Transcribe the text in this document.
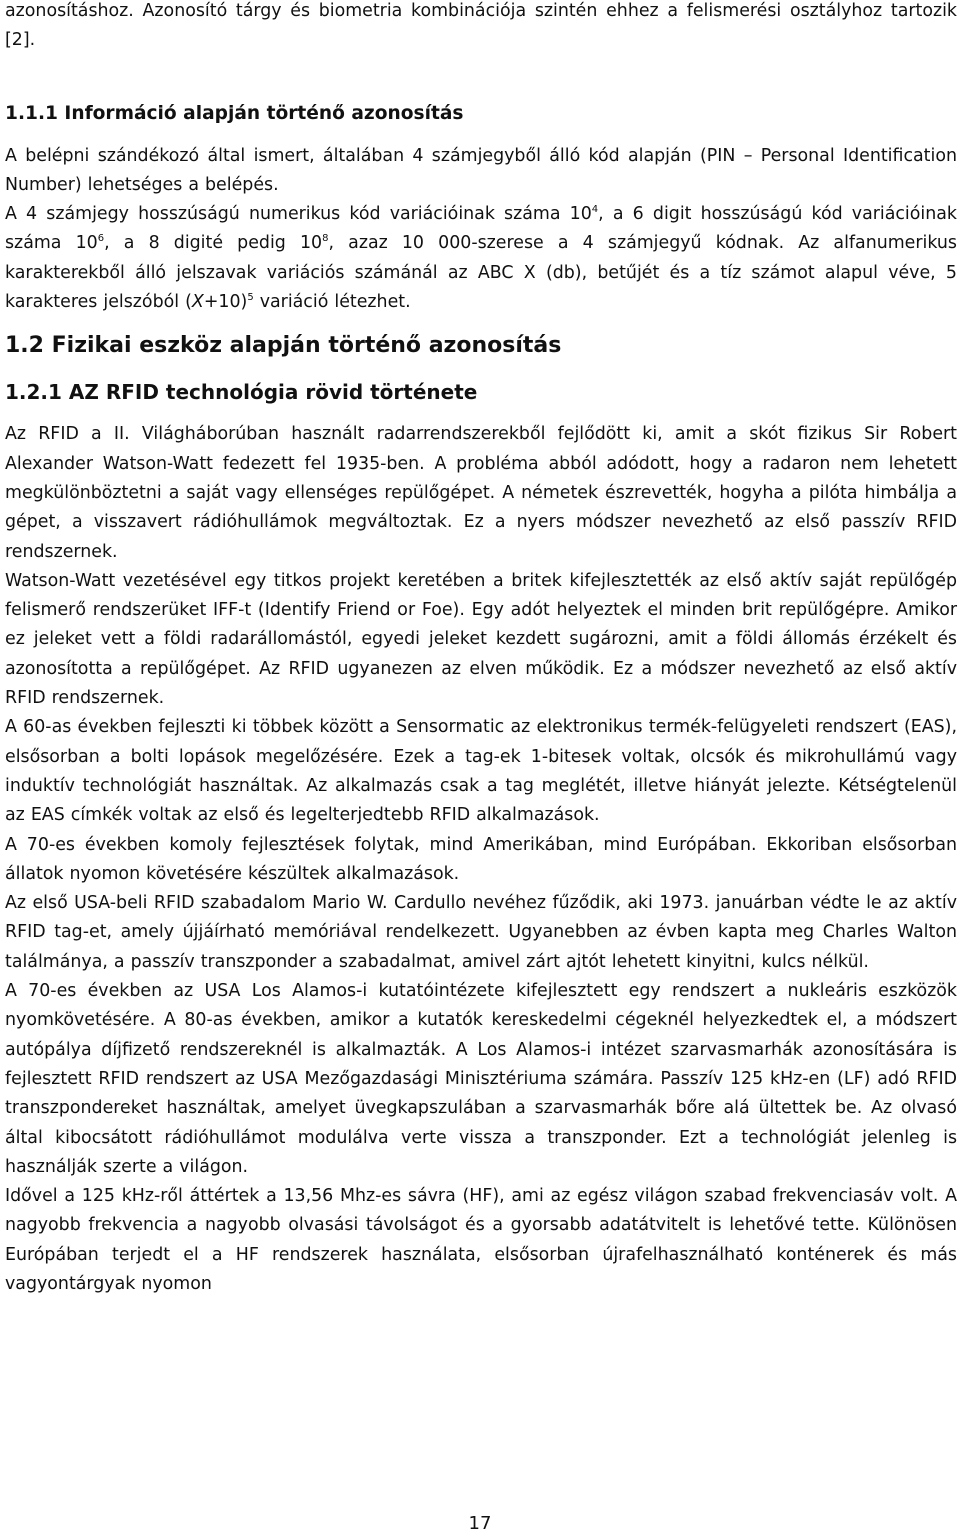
azonosításhoz. Azonosító tárgy és biometria kombinációja szintén ehhez a felismerési osztályhoz tartozik [2].

1.1.1 Információ alapján történő azonosítás

A belépni szándékozó által ismert, általában 4 számjegyből álló kód alapján (PIN – Personal Identification Number) lehetséges a belépés.

A 4 számjegy hosszúságú numerikus kód variációinak száma $10^4$, a 6 digit hosszúságú kód variációinak száma $10^6$, a 8 digité pedig $10^8$, azaz 10 000-szerese a 4 számjegyű kódnak. Az alfanumerikus karakterekből álló jelszavak variációs számánál az ABC X (db), betűjét és a tíz számot alapul véve, 5 karakteres jelszóból $(X+10)^5$ variáció létezhet.

1.2 Fizikai eszköz alapján történő azonosítás
1.2.1 AZ RFID technológia rövid története

Az RFID a II. Világháborúban használt radarrendszerekből fejlődött ki, amit a skót fizikus Sir Robert Alexander Watson-Watt fedezett fel 1935-ben. A probléma abból adódott, hogy a radaron nem lehetett megkülönböztetni a saját vagy ellenséges repülőgépet. A németek észrevették, hogyha a pilóta himbálja a gépet, a visszavert rádióhullámok megváltoztak. Ez a nyers módszer nevezhető az első passzív RFID rendszernek.

Watson-Watt vezetésével egy titkos projekt keretében a britek kifejlesztették az első aktív saját repülőgép felismerő rendszerüket IFF-t (Identify Friend or Foe). Egy adót helyeztek el minden brit repülőgépre. Amikor ez jeleket vett a földi radarállomástól, egyedi jeleket kezdett sugározni, amit a földi állomás érzékelt és azonosította a repülőgépet. Az RFID ugyanezen az elven működik. Ez a módszer nevezhető az első aktív RFID rendszernek.

A 60-as években fejleszti ki többek között a Sensormatic az elektronikus termék-felügyeleti rendszert (EAS), elsősorban a bolti lopások megelőzésére. Ezek a tag-ek 1-bitesek voltak, olcsók és mikrohullámú vagy induktív technológiát használtak. Az alkalmazás csak a tag meglétét, illetve hiányát jelezte. Kétségtelenül az EAS címkék voltak az első és legelterjedtebb RFID alkalmazások.

A 70-es években komoly fejlesztések folytak, mind Amerikában, mind Európában. Ekkoriban elsősorban állatok nyomon követésére készültek alkalmazások.

Az első USA-beli RFID szabadalom Mario W. Cardullo nevéhez fűződik, aki 1973. januárban védte le az aktív RFID tag-et, amely újjáírható memóriával rendelkezett. Ugyanebben az évben kapta meg Charles Walton találmánya, a passzív transzponder a szabadalmat, amivel zárt ajtót lehetett kinyitni, kulcs nélkül.

A 70-es években az USA Los Alamos-i kutatóintézete kifejlesztett egy rendszert a nukleáris eszközök nyomkövetésére. A 80-as években, amikor a kutatók kereskedelmi cégeknél helyezkedtek el, a módszert autópálya díjfizető rendszereknél is alkalmazták. A Los Alamos-i intézet szarvasmarhák azonosítására is fejlesztett RFID rendszert az USA Mezőgazdasági Minisztériuma számára. Passzív 125 kHz-en (LF) adó RFID transzpondereket használtak, amelyet üvegkapszulában a szarvasmarhák bőre alá ültettek be. Az olvasó által kibocsátott rádióhullámot modulálva verte vissza a transzponder. Ezt a technológiát jelenleg is használják szerte a világon.

Idővel a 125 kHz-ről áttértek a 13,56 Mhz-es sávra (HF), ami az egész világon szabad frekvenciasáv volt. A nagyobb frekvencia a nagyobb olvasási távolságot és a gyorsabb adatátvitelt is lehetővé tette. Különösen Európában terjedt el a HF rendszerek használata, elsősorban újrafelhasználható konténerek és más vagyontárgyak nyomon

17
